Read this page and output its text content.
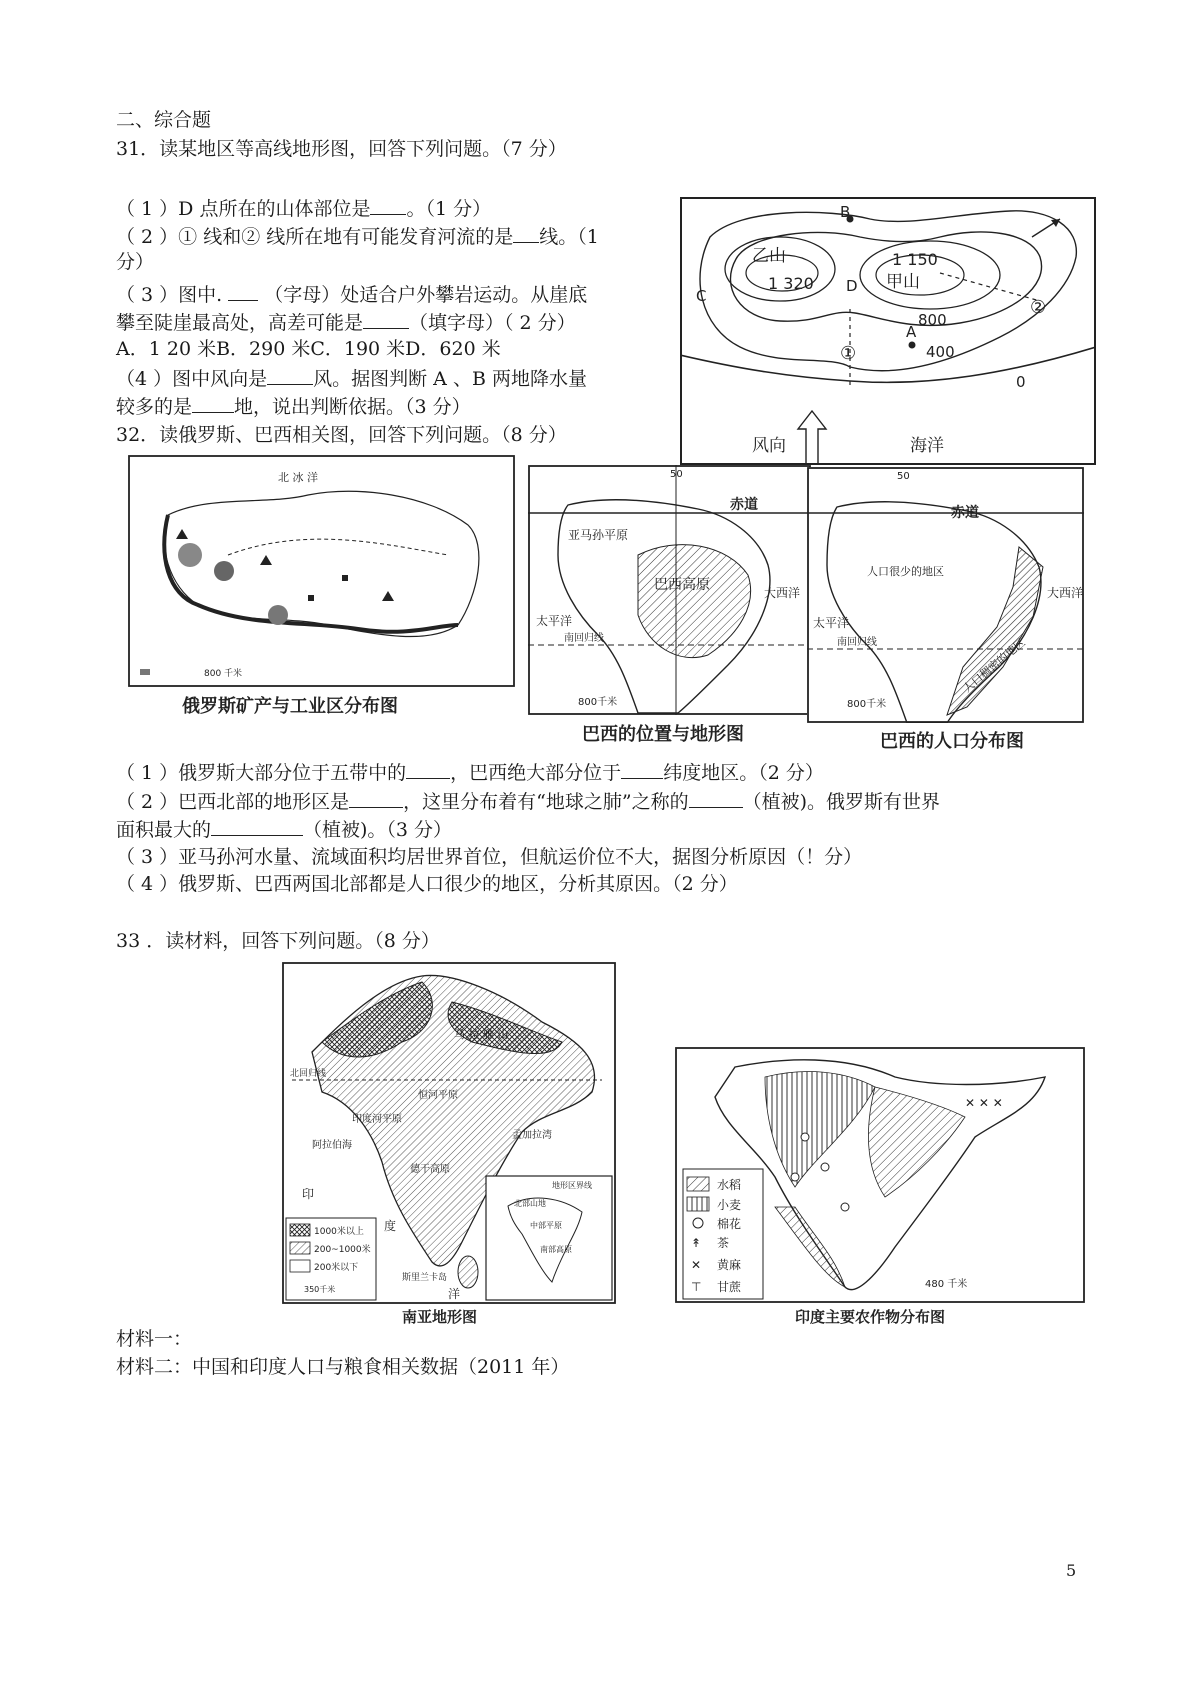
二、综合题
31．读某地区等高线地形图，回答下列问题。（7 分）
（ 1 ）D 点所在的山体部位是 。（1 分）
（ 2 ）① 线和② 线所在地有可能发育河流的是 线。（1
分）
（ 3 ）图中. （字母）处适合户外攀岩运动。从崖底
攀至陡崖最高处，高差可能是 （填字母）（ 2 分）
A．1 20 米B．290 米C．190 米D．620 米
（4 ）图中风向是 风。据图判断 A 、B 两地降水量
较多的是 地，说出判断依据。（3 分）
B
C
D
A
乙山
1 320
1 150
甲山
800
400
0
①
②
风向	海洋
32．读俄罗斯、巴西相关图，回答下列问题。（8 分）
北 冰 洋
800 千米
俄罗斯矿产与工业区分布图
50
赤道
亚马孙平原
巴西高原
南回归线
太平洋
大西洋
800千米
巴西的位置与地形图
50
赤道
人口很少的地区
人口稠密的地区
南回归线
太平洋
大西洋
800千米
巴西的人口分布图
（ 1 ）俄罗斯大部分位于五带中的 ，巴西绝大部分位于 纬度地区。（2 分）
（ 2 ）巴西北部的地形区是	，这里分布着有“地球之肺”之称的	（植被)。俄罗斯有世界
面积最大的	（植被)。（3 分）
（ 3 ）亚马孙河水量、流域面积均居世界首位，但航运价位不大，据图分析原因（！分）
（ 4 ）俄罗斯、巴西两国北部都是人口很少的地区，分析其原因。（2 分）
33 ．读材料，回答下列问题。（8 分）
北回归线
马 拉 雅 山
恒河平原
印度河平原
德干高原
孟加拉湾
阿拉伯海
印
度
洋
斯里兰卡岛
1000米以上
200~1000米
200米以下
350千米
地形区界线
北部山地
中部平原
南部高原
南亚地形图
✕ ✕ ✕
↟
✕
⊤
水稻
小麦
棉花
茶
黄麻
甘蔗	480 千米
印度主要农作物分布图
材料一：
材料二：中国和印度人口与粮食相关数据（2011 年）
5
